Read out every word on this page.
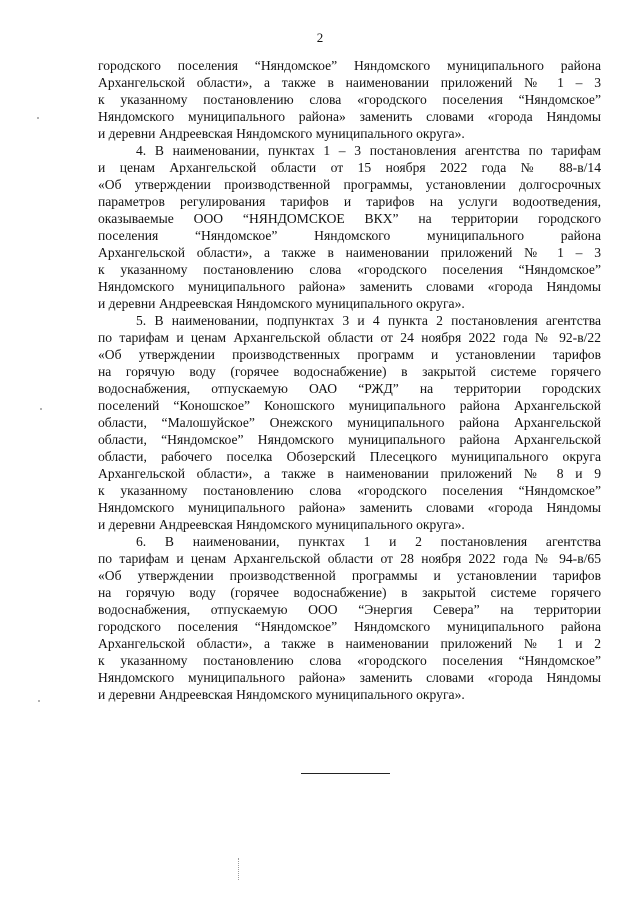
2
городского поселения “Няндомское” Няндомского муниципального района
Архангельской области», а также в наименовании приложений № 1 – 3
к указанному постановлению слова «городского поселения “Няндомское”
Няндомского муниципального района» заменить словами «города Няндомы
и деревни Андреевская Няндомского муниципального округа».
4. В наименовании, пунктах 1 – 3 постановления агентства по тарифам
и ценам Архангельской области от 15 ноября 2022 года № 88-в/14
«Об утверждении производственной программы, установлении долгосрочных
параметров регулирования тарифов и тарифов на услуги водоотведения,
оказываемые ООО “НЯНДОМСКОЕ ВКХ” на территории городского
поселения “Няндомское” Няндомского муниципального района
Архангельской области», а также в наименовании приложений № 1 – 3
к указанному постановлению слова «городского поселения “Няндомское”
Няндомского муниципального района» заменить словами «города Няндомы
и деревни Андреевская Няндомского муниципального округа».
5. В наименовании, подпунктах 3 и 4 пункта 2 постановления агентства
по тарифам и ценам Архангельской области от 24 ноября 2022 года № 92-в/22
«Об утверждении производственных программ и установлении тарифов
на горячую воду (горячее водоснабжение) в закрытой системе горячего
водоснабжения, отпускаемую ОАО “РЖД” на территории городских
поселений “Коношское” Коношского муниципального района Архангельской
области, “Малошуйское” Онежского муниципального района Архангельской
области, “Няндомское” Няндомского муниципального района Архангельской
области, рабочего поселка Обозерский Плесецкого муниципального округа
Архангельской области», а также в наименовании приложений № 8 и 9
к указанному постановлению слова «городского поселения “Няндомское”
Няндомского муниципального района» заменить словами «города Няндомы
и деревни Андреевская Няндомского муниципального округа».
6. В наименовании, пунктах 1 и 2 постановления агентства
по тарифам и ценам Архангельской области от 28 ноября 2022 года № 94-в/65
«Об утверждении производственной программы и установлении тарифов
на горячую воду (горячее водоснабжение) в закрытой системе горячего
водоснабжения, отпускаемую ООО “Энергия Севера” на территории
городского поселения “Няндомское” Няндомского муниципального района
Архангельской области», а также в наименовании приложений № 1 и 2
к указанному постановлению слова «городского поселения “Няндомское”
Няндомского муниципального района» заменить словами «города Няндомы
и деревни Андреевская Няндомского муниципального округа».
